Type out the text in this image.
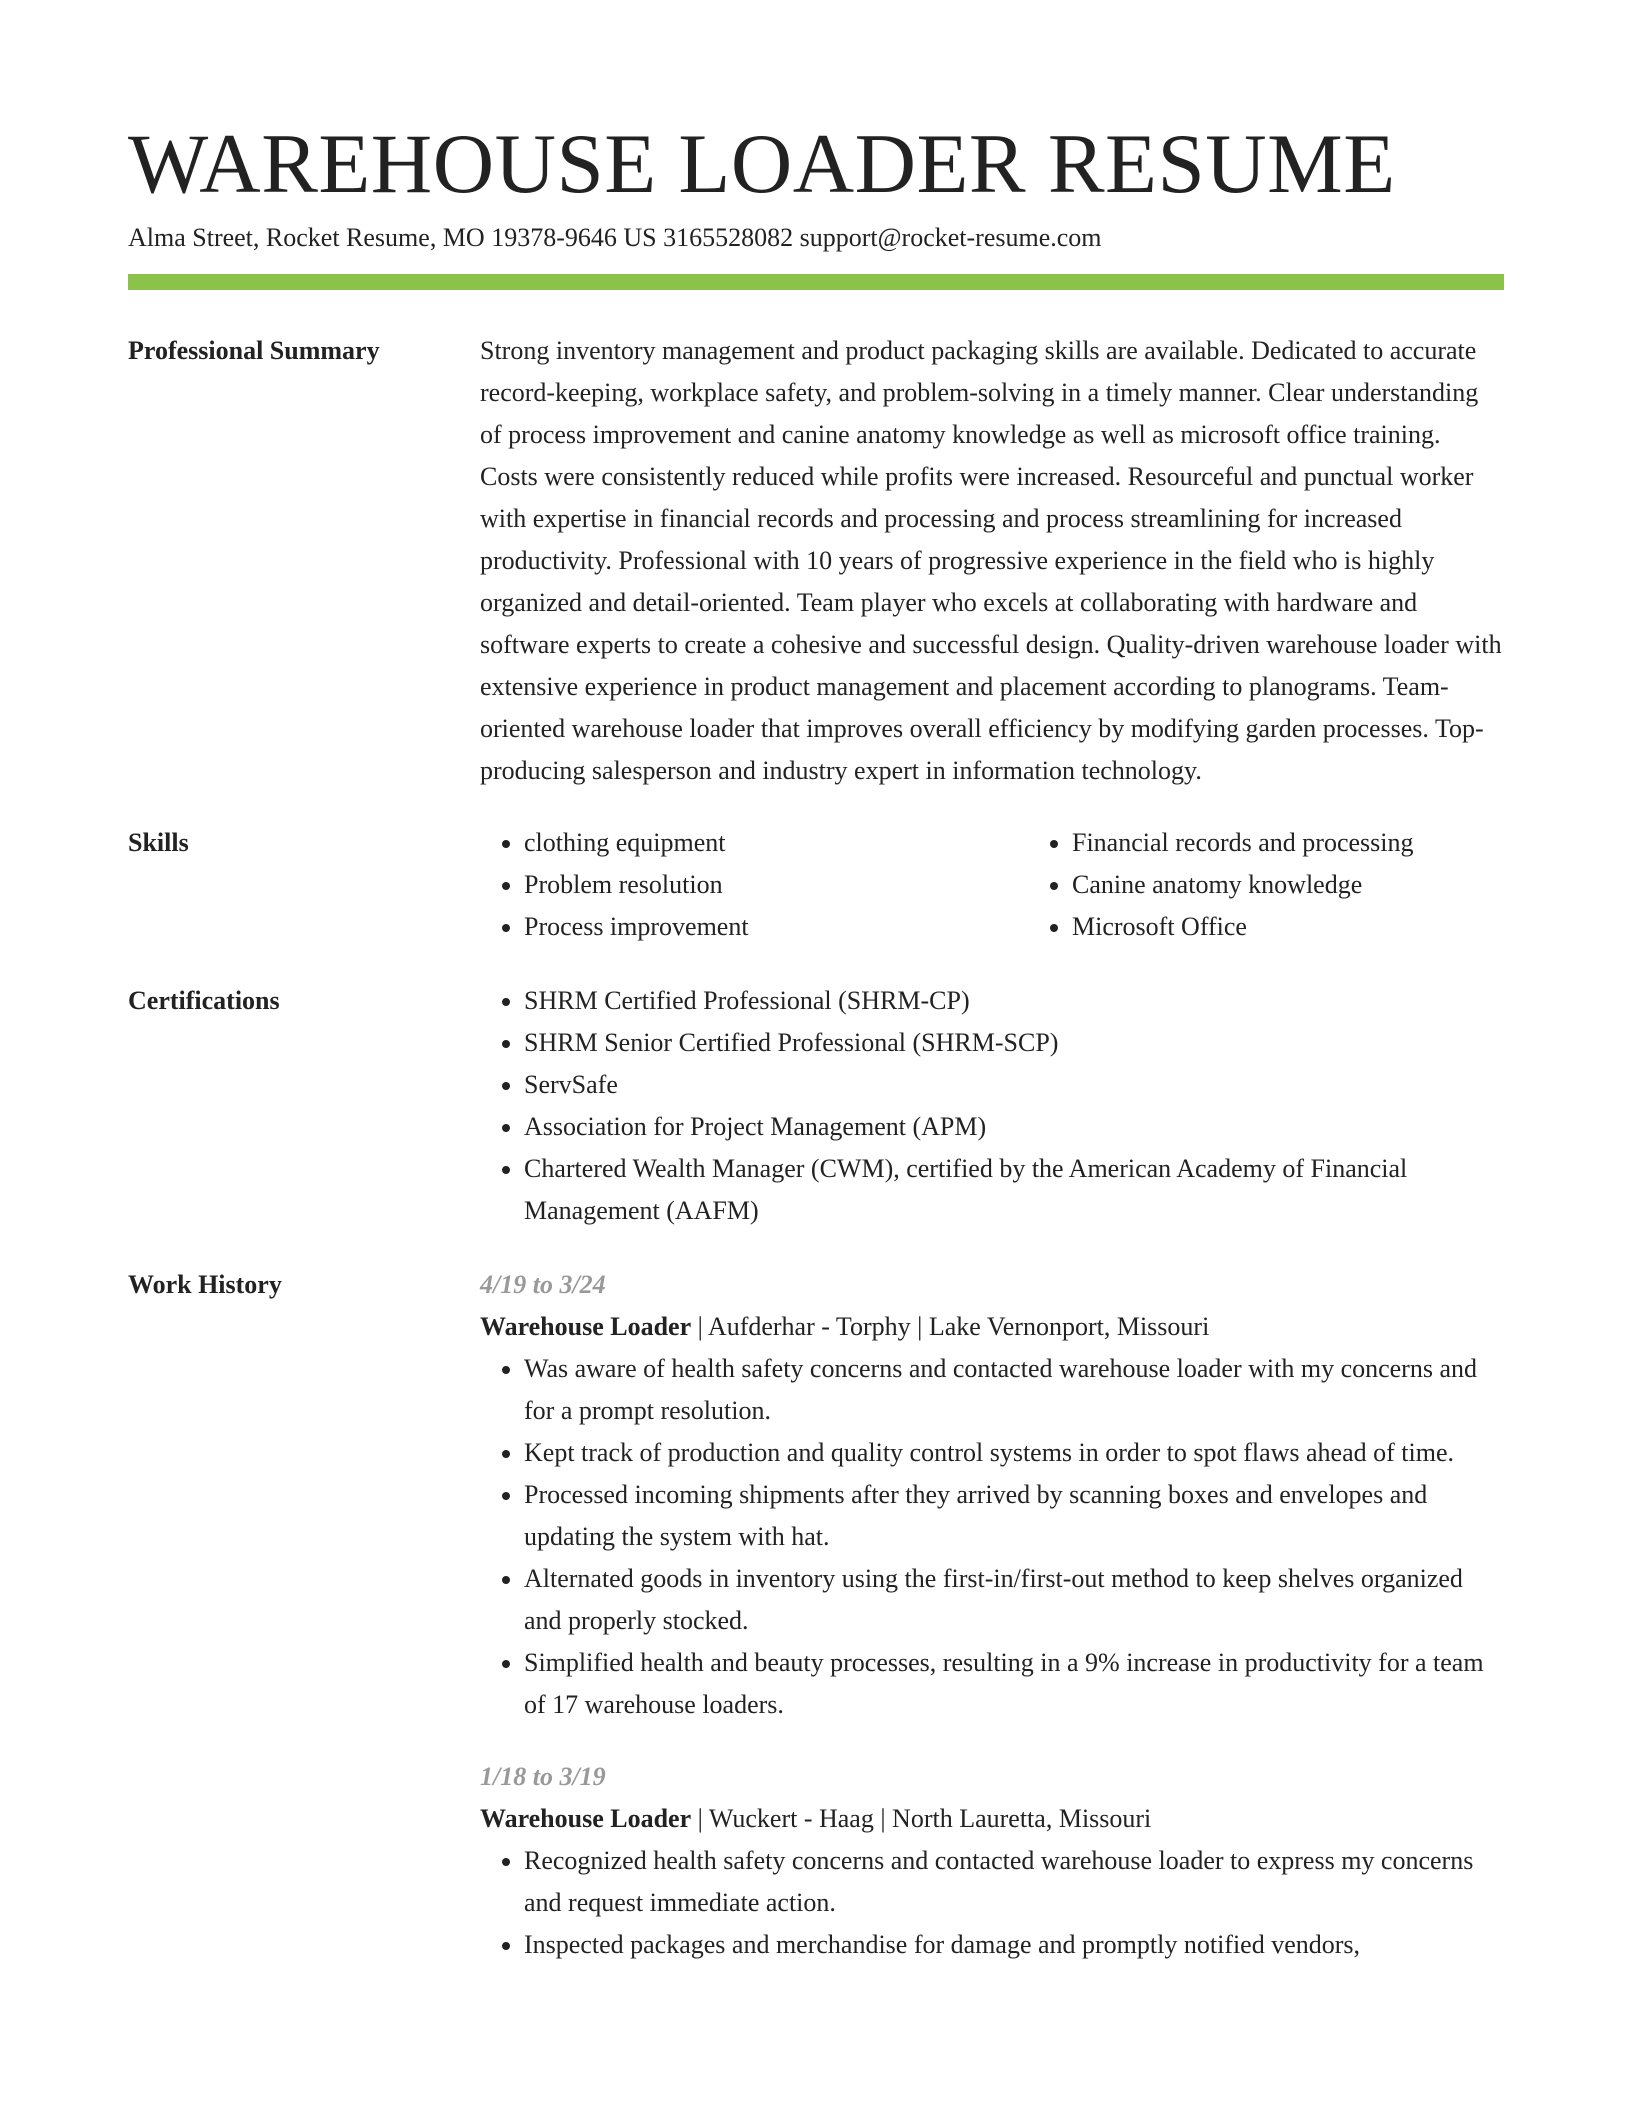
WAREHOUSE LOADER RESUME
Alma Street, Rocket Resume, MO 19378-9646 US 3165528082 support@rocket-resume.com
Professional Summary	Strong inventory management and product packaging skills are available. Dedicated to accurate record-keeping, workplace safety, and problem-solving in a timely manner. Clear understanding of process improvement and canine anatomy knowledge as well as microsoft office training. Costs were consistently reduced while profits were increased. Resourceful and punctual worker with expertise in financial records and processing and process streamlining for increased productivity. Professional with 10 years of progressive experience in the field who is highly organized and detail-oriented. Team player who excels at collaborating with hardware and software experts to create a cohesive and successful design. Quality-driven warehouse loader with extensive experience in product management and placement according to planograms. Team-oriented warehouse loader that improves overall efficiency by modifying garden processes. Top-producing salesperson and industry expert in information technology.

Skills	• clothing equipment
• Problem resolution
• Process improvement
• Financial records and processing
• Canine anatomy knowledge
• Microsoft Office
Certifications	• SHRM Certified Professional (SHRM-CP)
• SHRM Senior Certified Professional (SHRM-SCP)
• ServSafe
• Association for Project Management (APM)
• Chartered Wealth Manager (CWM), certified by the American Academy of Financial Management (AAFM)
Work History	4/19 to 3/24
Warehouse Loader | Aufderhar - Torphy | Lake Vernonport, Missouri
• Was aware of health safety concerns and contacted warehouse loader with my concerns and for a prompt resolution.
• Kept track of production and quality control systems in order to spot flaws ahead of time.
• Processed incoming shipments after they arrived by scanning boxes and envelopes and updating the system with hat.
• Alternated goods in inventory using the first-in/first-out method to keep shelves organized and properly stocked.
• Simplified health and beauty processes, resulting in a 9% increase in productivity for a team of 17 warehouse loaders.
1/18 to 3/19
Warehouse Loader | Wuckert - Haag | North Lauretta, Missouri
• Recognized health safety concerns and contacted warehouse loader to express my concerns and request immediate action.
• Inspected packages and merchandise for damage and promptly notified vendors,
